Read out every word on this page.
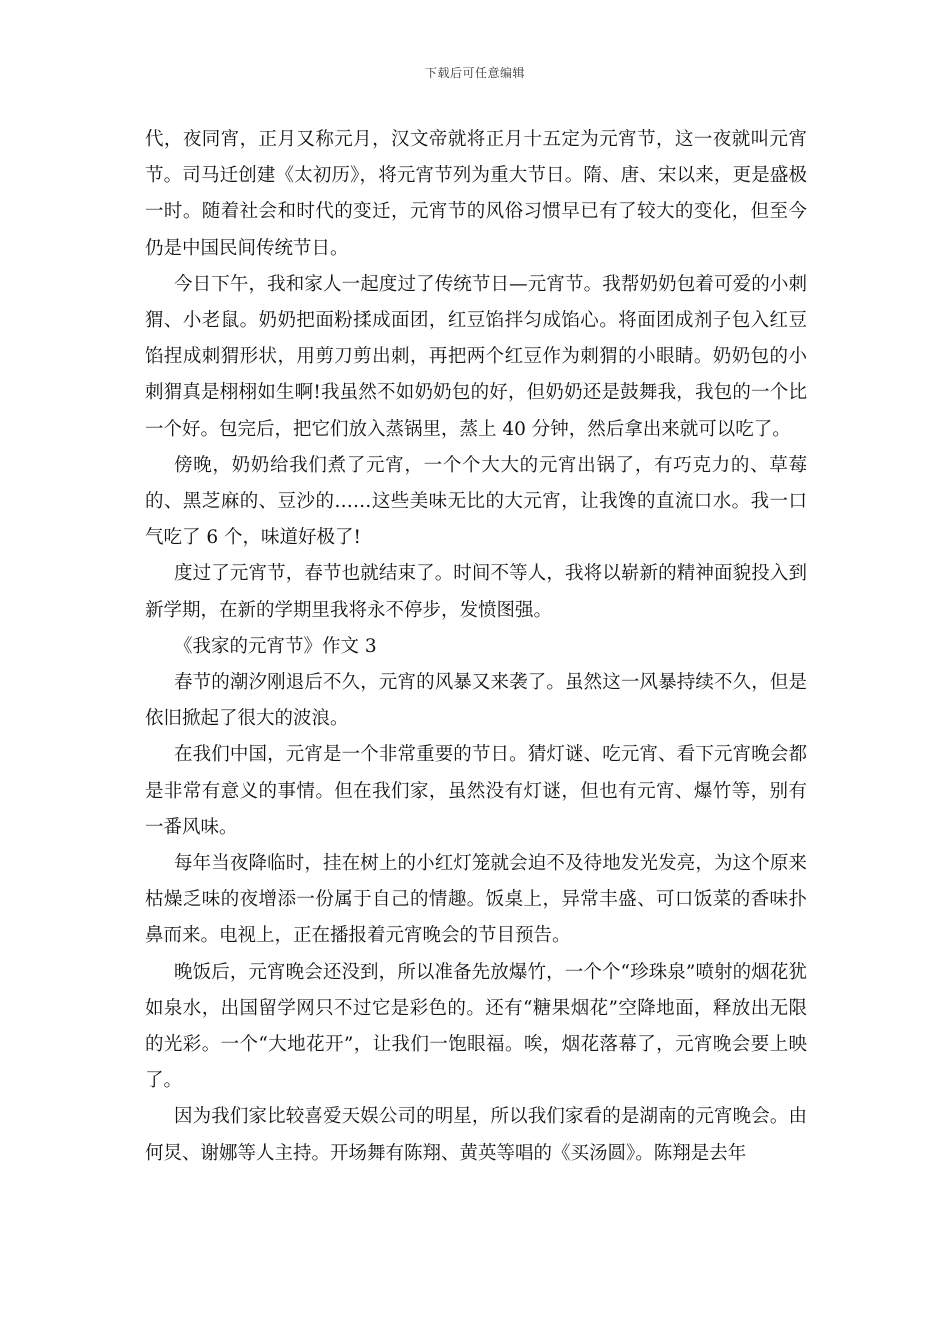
下载后可任意编辑

代，夜同宵，正月又称元月，汉文帝就将正月十五定为元宵节，这一夜就叫元宵节。司马迁创建《太初历》，将元宵节列为重大节日。隋、唐、宋以来，更是盛极一时。随着社会和时代的变迁，元宵节的风俗习惯早已有了较大的变化，但至今仍是中国民间传统节日。

今日下午，我和家人一起度过了传统节日—元宵节。我帮奶奶包着可爱的小刺猬、小老鼠。奶奶把面粉揉成面团，红豆馅拌匀成馅心。将面团成剂子包入红豆馅捏成刺猬形状，用剪刀剪出刺，再把两个红豆作为刺猬的小眼睛。奶奶包的小刺猬真是栩栩如生啊!我虽然不如奶奶包的好，但奶奶还是鼓舞我，我包的一个比一个好。包完后，把它们放入蒸锅里，蒸上 40 分钟，然后拿出来就可以吃了。

傍晚，奶奶给我们煮了元宵，一个个大大的元宵出锅了，有巧克力的、草莓的、黑芝麻的、豆沙的……这些美味无比的大元宵，让我馋的直流口水。我一口气吃了 6 个，味道好极了!

度过了元宵节，春节也就结束了。时间不等人，我将以崭新的精神面貌投入到新学期，在新的学期里我将永不停步，发愤图强。

《我家的元宵节》作文 3

春节的潮汐刚退后不久，元宵的风暴又来袭了。虽然这一风暴持续不久，但是依旧掀起了很大的波浪。

在我们中国，元宵是一个非常重要的节日。猜灯谜、吃元宵、看下元宵晚会都是非常有意义的事情。但在我们家，虽然没有灯谜，但也有元宵、爆竹等，别有一番风味。

每年当夜降临时，挂在树上的小红灯笼就会迫不及待地发光发亮，为这个原来枯燥乏味的夜增添一份属于自己的情趣。饭桌上，异常丰盛、可口饭菜的香味扑鼻而来。电视上，正在播报着元宵晚会的节目预告。

晚饭后，元宵晚会还没到，所以准备先放爆竹，一个个“珍珠泉”喷射的烟花犹如泉水，出国留学网只不过它是彩色的。还有“糖果烟花”空降地面，释放出无限的光彩。一个“大地花开”，让我们一饱眼福。唉，烟花落幕了，元宵晚会要上映了。

因为我们家比较喜爱天娱公司的明星，所以我们家看的是湖南的元宵晚会。由何炅、谢娜等人主持。开场舞有陈翔、黄英等唱的《买汤圆》。陈翔是去年
